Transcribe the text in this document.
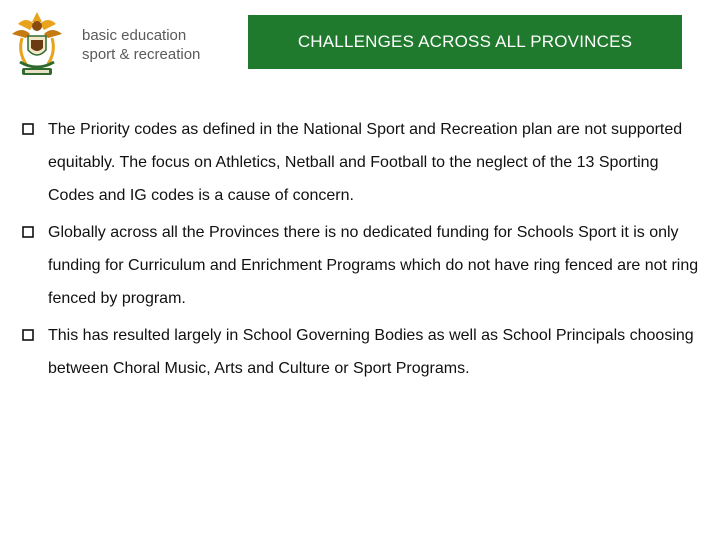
basic education
sport & recreation
CHALLENGES ACROSS ALL PROVINCES
The Priority codes as defined in the National Sport and Recreation plan are not supported equitably. The focus on Athletics, Netball and Football to the neglect of the 13 Sporting Codes and IG codes is a cause of concern.
Globally across all the Provinces there is no dedicated funding for Schools Sport it is only funding for Curriculum and Enrichment Programs which do not have ring fenced are not ring fenced by program.
This has resulted largely in School Governing Bodies as well as School Principals choosing between Choral Music, Arts and Culture or Sport Programs.
